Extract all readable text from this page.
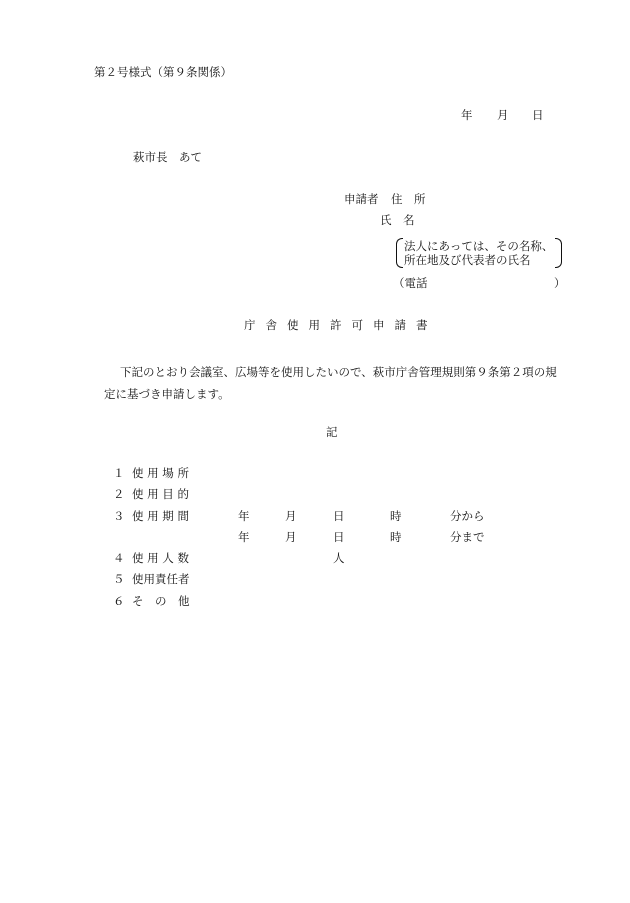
第２号様式（第９条関係）
年 月 日
萩市長　あて
申請者 住　所
氏　名
法人にあっては、その名称、
所在地及び代表者の氏名
（電話	）
庁舎使用許可申請書
下記のとおり会議室、広場等を使用したいので、萩市庁舎管理規則第９条第２項の規
定に基づき申請します。
記
１ 使 用 場 所
２ 使 用 目 的
３ 使 用 期 間	年	月	日	時	分から
年	月	日	時	分まで
４ 使 用 人 数	人
５ 使用責任者
６ そ　の　他
